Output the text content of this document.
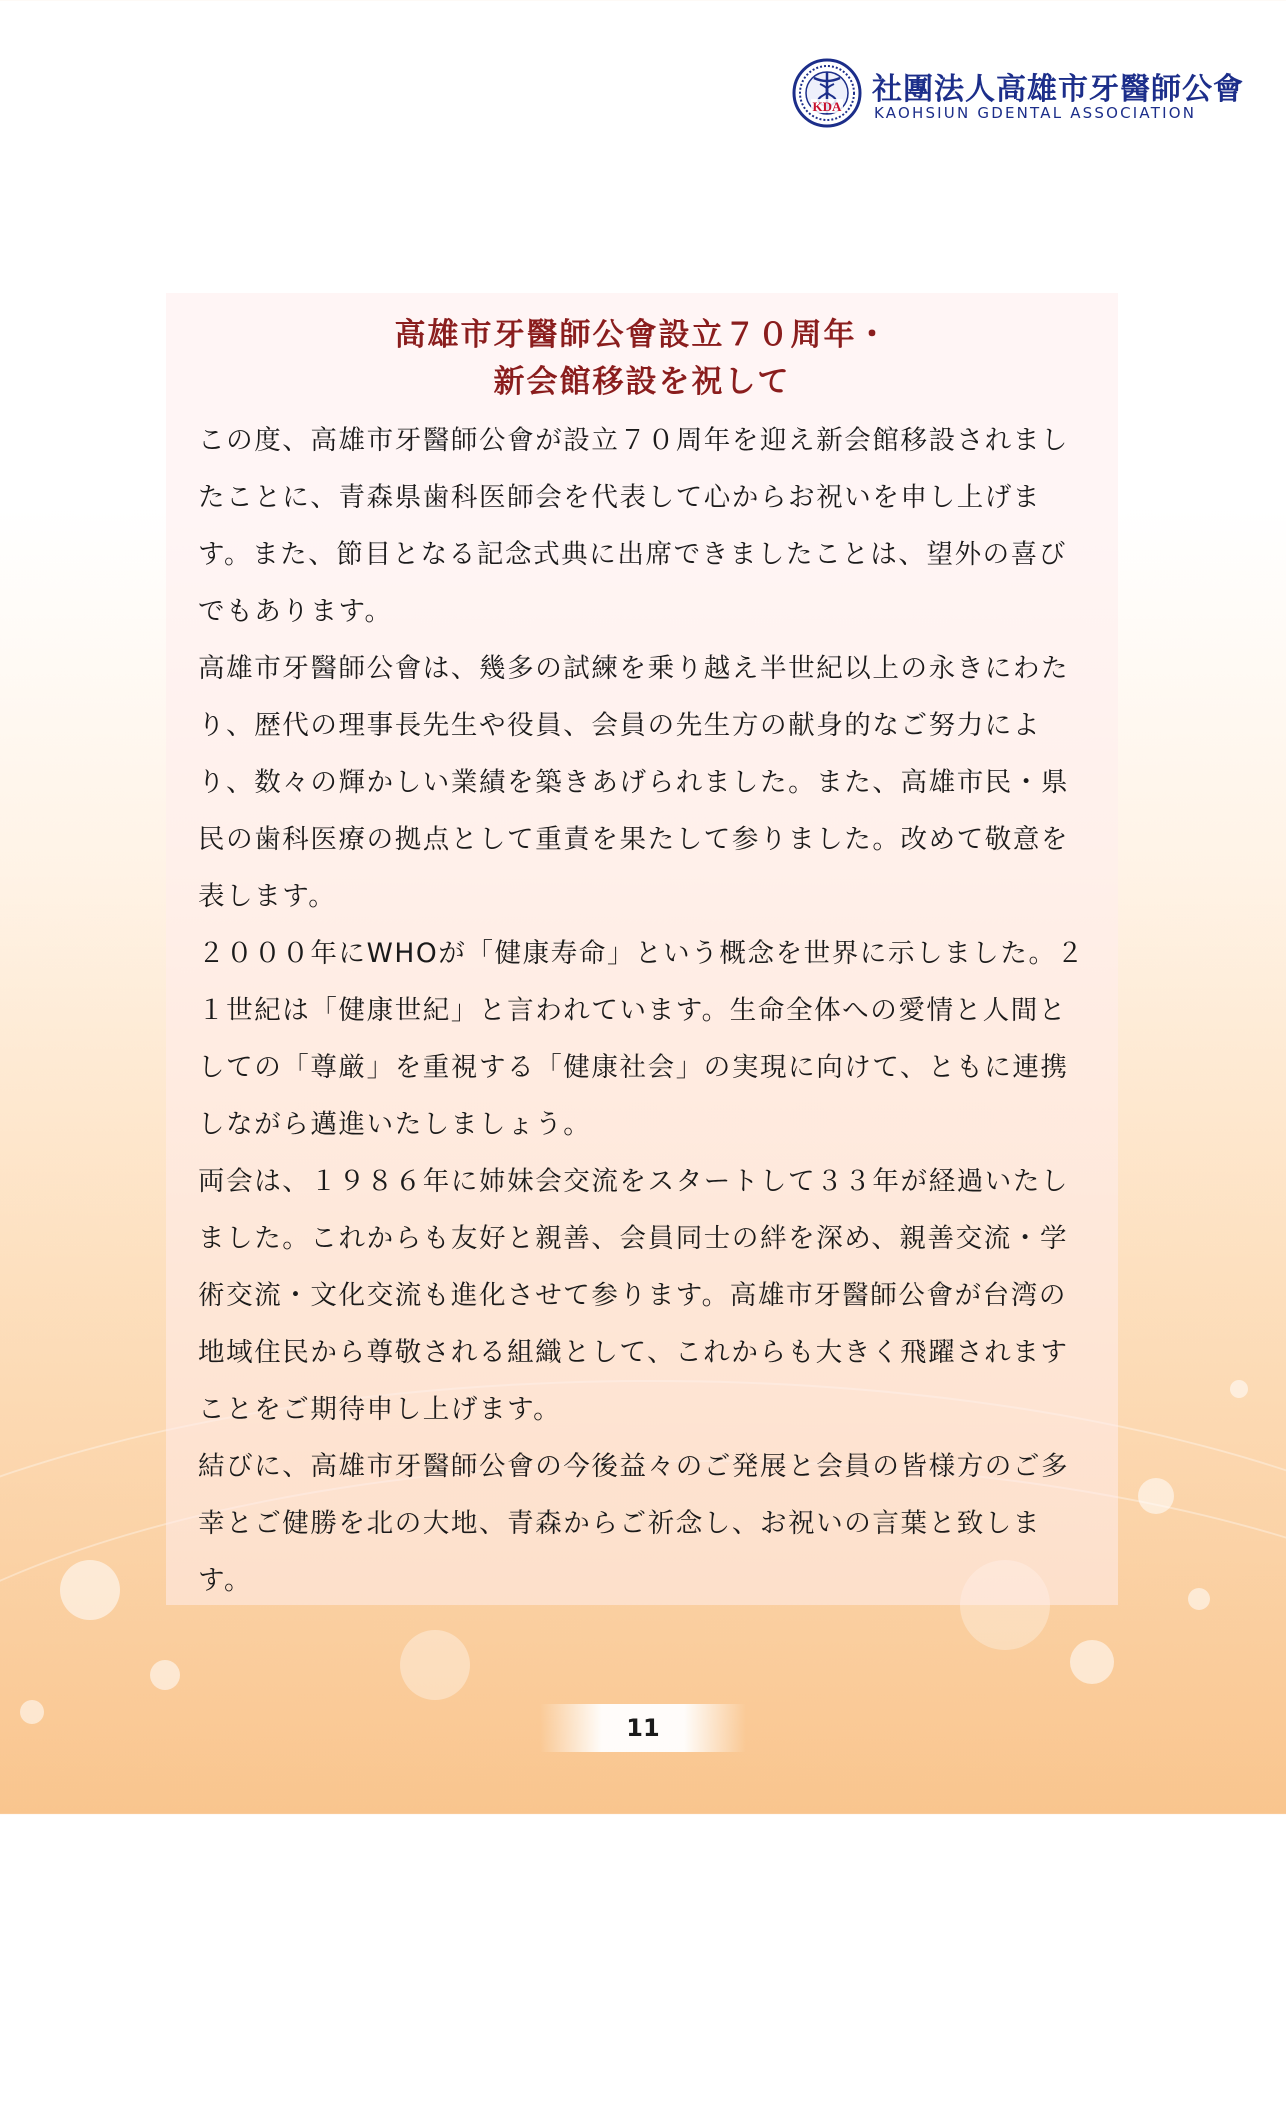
KDA 社團法人高雄市牙醫師公會
KAOHSIUN GDENTAL ASSOCIATION
高雄市牙醫師公會設立７０周年・
新会館移設を祝して

この度、高雄市牙醫師公會が設立７０周年を迎え新会館移設されましたことに、青森県歯科医師会を代表して心からお祝いを申し上げます。また、節目となる記念式典に出席できましたことは、望外の喜びでもあります。

高雄市牙醫師公會は、幾多の試練を乗り越え半世紀以上の永きにわたり、歴代の理事長先生や役員、会員の先生方の献身的なご努力により、数々の輝かしい業績を築きあげられました。また、高雄市民・県民の歯科医療の拠点として重責を果たして参りました。改めて敬意を表します。

２０００年にWHOが「健康寿命」という概念を世界に示しました。２１世紀は「健康世紀」と言われています。生命全体への愛情と人間としての「尊厳」を重視する「健康社会」の実現に向けて、ともに連携しながら邁進いたしましょう。

両会は、１９８６年に姉妹会交流をスタートして３３年が経過いたしました。これからも友好と親善、会員同士の絆を深め、親善交流・学術交流・文化交流も進化させて参ります。高雄市牙醫師公會が台湾の地域住民から尊敬される組織として、これからも大きく飛躍されますことをご期待申し上げます。

結びに、高雄市牙醫師公會の今後益々のご発展と会員の皆様方のご多幸とご健勝を北の大地、青森からご祈念し、お祝いの言葉と致します。

11
